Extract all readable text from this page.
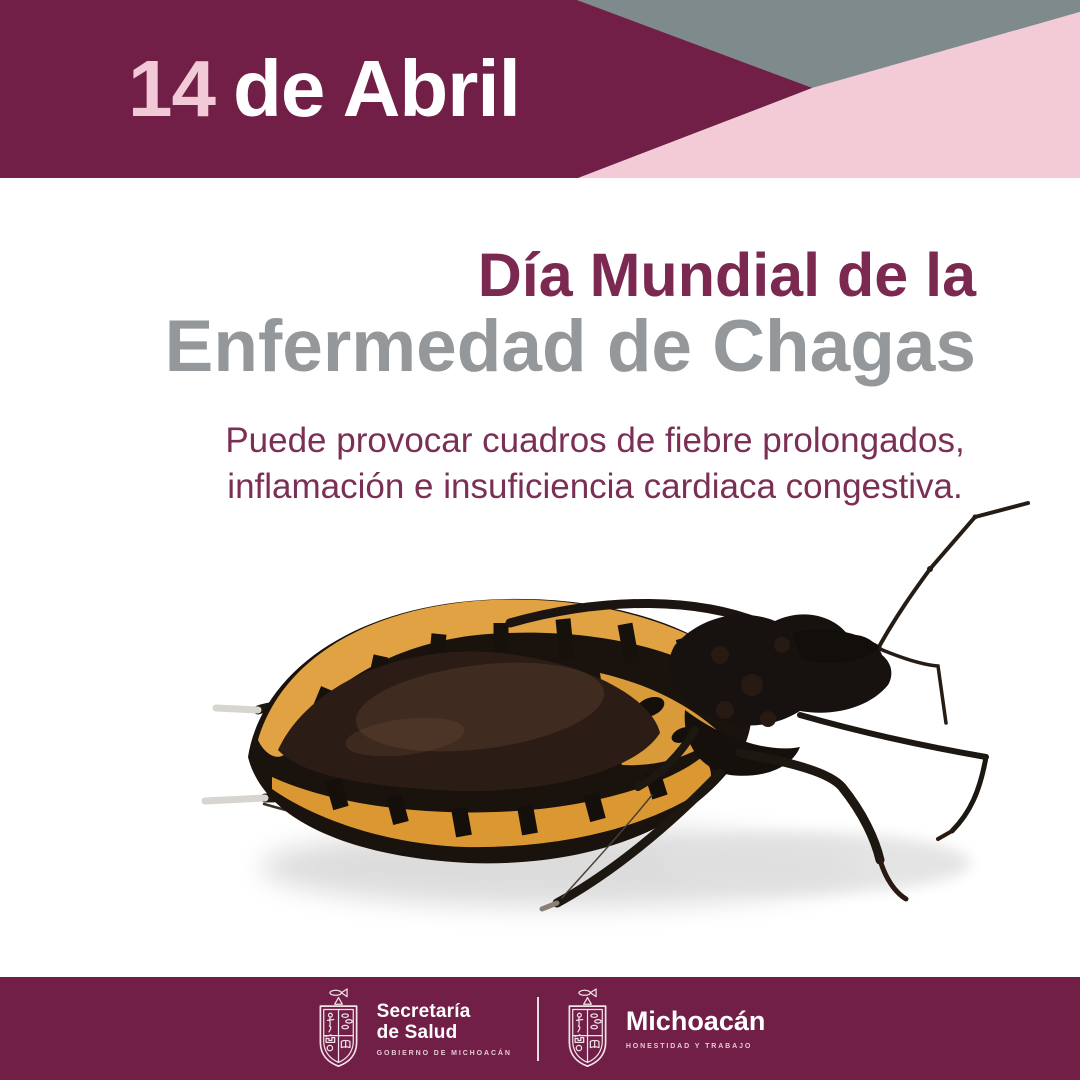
14 de Abril
Día Mundial de la
Enfermedad de Chagas
Puede provocar cuadros de fiebre prolongados,
inflamación e insuficiencia cardiaca congestiva.
Secretaría
de Salud
GOBIERNO DE MICHOACÁN
Michoacán
HONESTIDAD Y TRABAJO
